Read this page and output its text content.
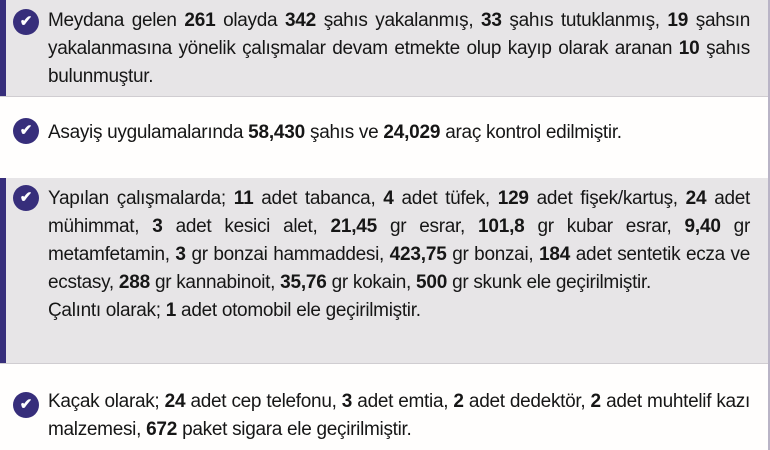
✔ Meydana gelen 261 olayda 342 şahıs yakalanmış, 33 şahıs tutuklanmış, 19 şahsın yakalanmasına yönelik çalışmalar devam etmekte olup kayıp olarak aranan 10 şahıs bulunmuştur.

✔ Asayiş uygulamalarında 58,430 şahıs ve 24,029 araç kontrol edilmiştir.

✔ Yapılan çalışmalarda; 11 adet tabanca, 4 adet tüfek, 129 adet fişek/kartuş, 24 adet mühimmat, 3 adet kesici alet, 21,45 gr esrar, 101,8 gr kubar esrar, 9,40 gr metamfetamin, 3 gr bonzai hammaddesi, 423,75 gr bonzai, 184 adet sentetik ecza ve ecstasy, 288 gr kannabinoit, 35,76 gr kokain, 500 gr skunk ele geçirilmiştir.

Çalıntı olarak; 1 adet otomobil ele geçirilmiştir.

✔ Kaçak olarak; 24 adet cep telefonu, 3 adet emtia, 2 adet dedektör, 2 adet muhtelif kazı malzemesi, 672 paket sigara ele geçirilmiştir.
